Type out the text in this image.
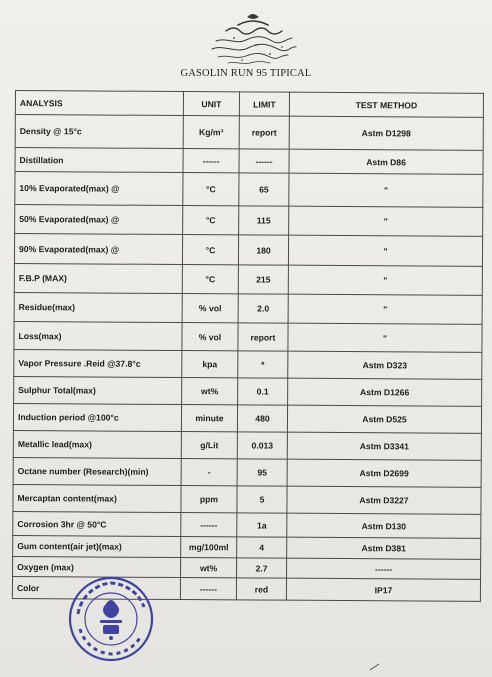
GASOLIN RUN 95 TIPICAL
ANALYSIS	UNIT	LIMIT	TEST METHOD
Density @ 15°c	Kg/m³	report	Astm D1298
Distillation	------	------	Astm D86
10% Evaporated(max) @	°C	65	"
50% Evaporated(max) @	°C	115	"
90% Evaporated(max) @	°C	180	"
F.B.P (MAX)	°C	215	"
Residue(max)	% vol	2.0	"
Loss(max)	% vol	report	"
Vapor Pressure .Reid @37.8°c	kpa	*	Astm D323
Sulphur Total(max)	wt%	0.1	Astm D1266
Induction period @100°c	minute	480	Astm D525
Metallic lead(max)	g/Lit	0.013	Astm D3341
Octane number (Research)(min)	-	95	Astm D2699
Mercaptan content(max)	ppm	5	Astm D3227
Corrosion 3hr @ 50°C	------	1a	Astm D130
Gum content(air jet)(max)	mg/100ml	4	Astm D381
Oxygen (max)	wt%	2.7	------
Color	------	red	IP17
